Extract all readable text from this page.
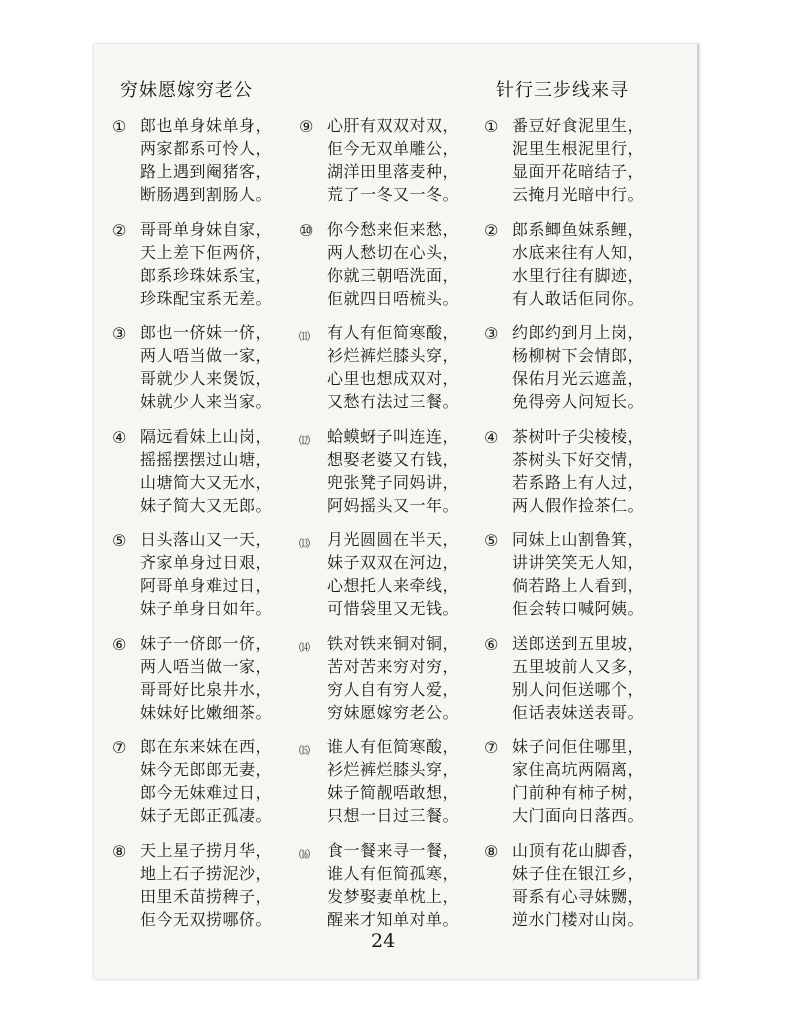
穷妹愿嫁穷老公	针行三步线来寻
① 郎也单身妹单身，
两家都系可怜人，
路上遇到阉猪客，
断肠遇到割肠人。
② 哥哥单身妹自家，
天上差下佢两侪，
郎系珍珠妹系宝，
珍珠配宝系无差。
③ 郎也一侪妹一侪，
两人唔当做一家，
哥就少人来煲饭，
妹就少人来当家。
④ 隔远看妹上山岗，
摇摇摆摆过山塘，
山塘简大又无水，
妹子简大又无郎。
⑤ 日头落山又一天，
齐家单身过日艰，
阿哥单身难过日，
妹子单身日如年。
⑥ 妹子一侪郎一侪，
两人唔当做一家，
哥哥好比泉井水，
妹妹好比嫩细茶。
⑦ 郎在东来妹在西，
妹今无郎郎无妻，
郎今无妹难过日，
妹子无郎正孤凄。
⑧ 天上星子捞月华，
地上石子捞泥沙，
田里禾苗捞稗子，
佢今无双捞哪侪。
⑨ 心肝有双双对双，
佢今无双单雕公，
湖洋田里落麦种，
荒了一冬又一冬。
⑩ 你今愁来佢来愁，
两人愁切在心头，
你就三朝唔洗面，
佢就四日唔梳头。
⑾ 有人有佢简寒酸，
衫烂裤烂膝头穿，
心里也想成双对，
又愁冇法过三餐。
⑿ 蛤蟆蚜子叫连连，
想娶老婆又冇钱，
兜张凳子同妈讲，
阿妈摇头又一年。
⒀ 月光圆圆在半天，
妹子双双在河边，
心想托人来牵线，
可惜袋里又无钱。
⒁ 铁对铁来铜对铜，
苦对苦来穷对穷，
穷人自有穷人爱，
穷妹愿嫁穷老公。
⒂ 谁人有佢简寒酸，
衫烂裤烂膝头穿，
妹子简靓唔敢想，
只想一日过三餐。
⒃ 食一餐来寻一餐，
谁人有佢简孤寒，
发梦娶妻单枕上，
醒来才知单对单。
① 番豆好食泥里生，
泥里生根泥里行，
显面开花暗结子，
云掩月光暗中行。
② 郎系鲫鱼妹系鲤，
水底来往有人知，
水里行往有脚迹，
有人敢话佢同你。
③ 约郎约到月上岗，
杨柳树下会情郎，
保佑月光云遮盖，
免得旁人问短长。
④ 茶树叶子尖棱棱，
茶树头下好交情，
若系路上有人过，
两人假作捡茶仁。
⑤ 同妹上山割鲁箕，
讲讲笑笑无人知，
倘若路上人看到，
佢会转口喊阿姨。
⑥ 送郎送到五里坡，
五里坡前人又多，
别人问佢送哪个，
佢话表妹送表哥。
⑦ 妹子问佢住哪里，
家住高坑两隔离，
门前种有柿子树，
大门面向日落西。
⑧ 山顶有花山脚香，
妹子住在银江乡，
哥系有心寻妹嬲，
逆水门楼对山岗。
24
